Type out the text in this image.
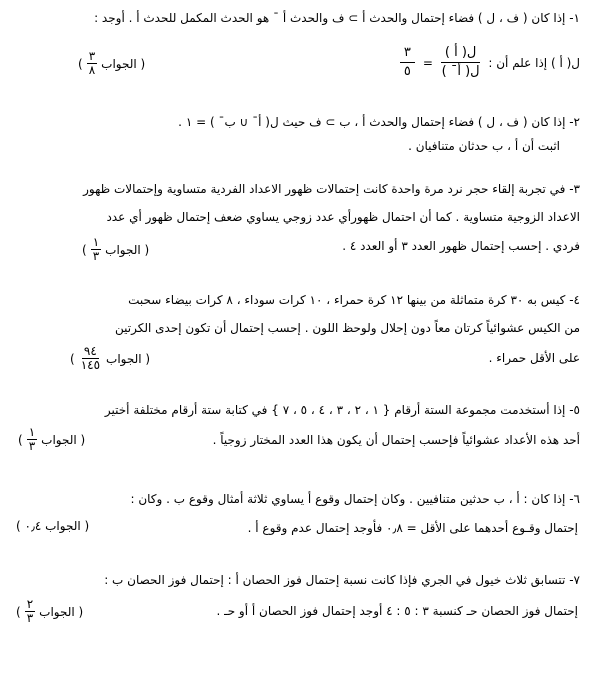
١- إذا كان ( ف ، ل ) فضاء إحتمال والحدث أ ⊃ ف والحدث أ ¯ هو الحدث المكمل للحدث أ . أوجد :
ل( أ ) إذا علم أن :
$\frac{\text{ل( أ )}}{\text{ل( أ¯ )}}$
=
$\frac{٣}{٥}$
( الجواب
$\frac{٣}{٨}$
)
٢- إذا كان ( ف ، ل ) فضاء إحتمال والحدث أ ، ب ⊃ ف حيث ل( أ¯ ∪ ب¯ ) = ١ .
اثبت أن أ ، ب حدثان متنافيان .
٣- في تجربة إلقاء حجر نرد مرة واحدة كانت إحتمالات ظهور الاعداد الفردية متساوية وإحتمالات ظهور
الاعداد الزوجية متساوية . كما أن احتمال ظهورأي عدد زوجي يساوي ضعف إحتمال ظهور أي عدد
فردي . إحسب إحتمال ظهور العدد ٣ أو العدد ٤ .
( الجواب
$\frac{١}{٣}$
)
٤- كيس به ٣٠ كرة متماثلة من بينها ١٢ كرة حمراء ، ١٠ كرات سوداء ، ٨ كرات بيضاء سحبت
من الكيس عشوائياً كرتان معاً دون إحلال ولوحظ اللون . إحسب إحتمال أن تكون إحدى الكرتين
على الأقل حمراء .
( الجواب
$\frac{٩٤}{١٤٥}$
)
٥- إذا أستخدمت مجموعة الستة أرقام { ١ ، ٢ ، ٣ ، ٤ ، ٥ ، ٧ } في كتابة ستة أرقام مختلفة أختير
أحد هذه الأعداد عشوائياً فإحسب إحتمال أن يكون هذا العدد المختار زوجياً .
( الجواب
$\frac{١}{٣}$
)
٦- إذا كان : أ ، ب حدثين متنافيين . وكان إحتمال وقوع أ يساوي ثلاثة أمثال وقوع ب . وكان :
إحتمال وقـوع أحدهما على الأقل = ٠٫٨ فأوجد إحتمال عدم وقوع أ .
( الجواب ٠٫٤ )
٧- تتسابق ثلاث خيول في الجري فإذا كانت نسبة إحتمال فوز الحصان أ : إحتمال فوز الحصان ب :
إحتمال فوز الحصان حـ كنسبة ٣ : ٥ : ٤ أوجد إحتمال فوز الحصان أ أو حـ .
( الجواب
$\frac{٢}{٣}$
)
